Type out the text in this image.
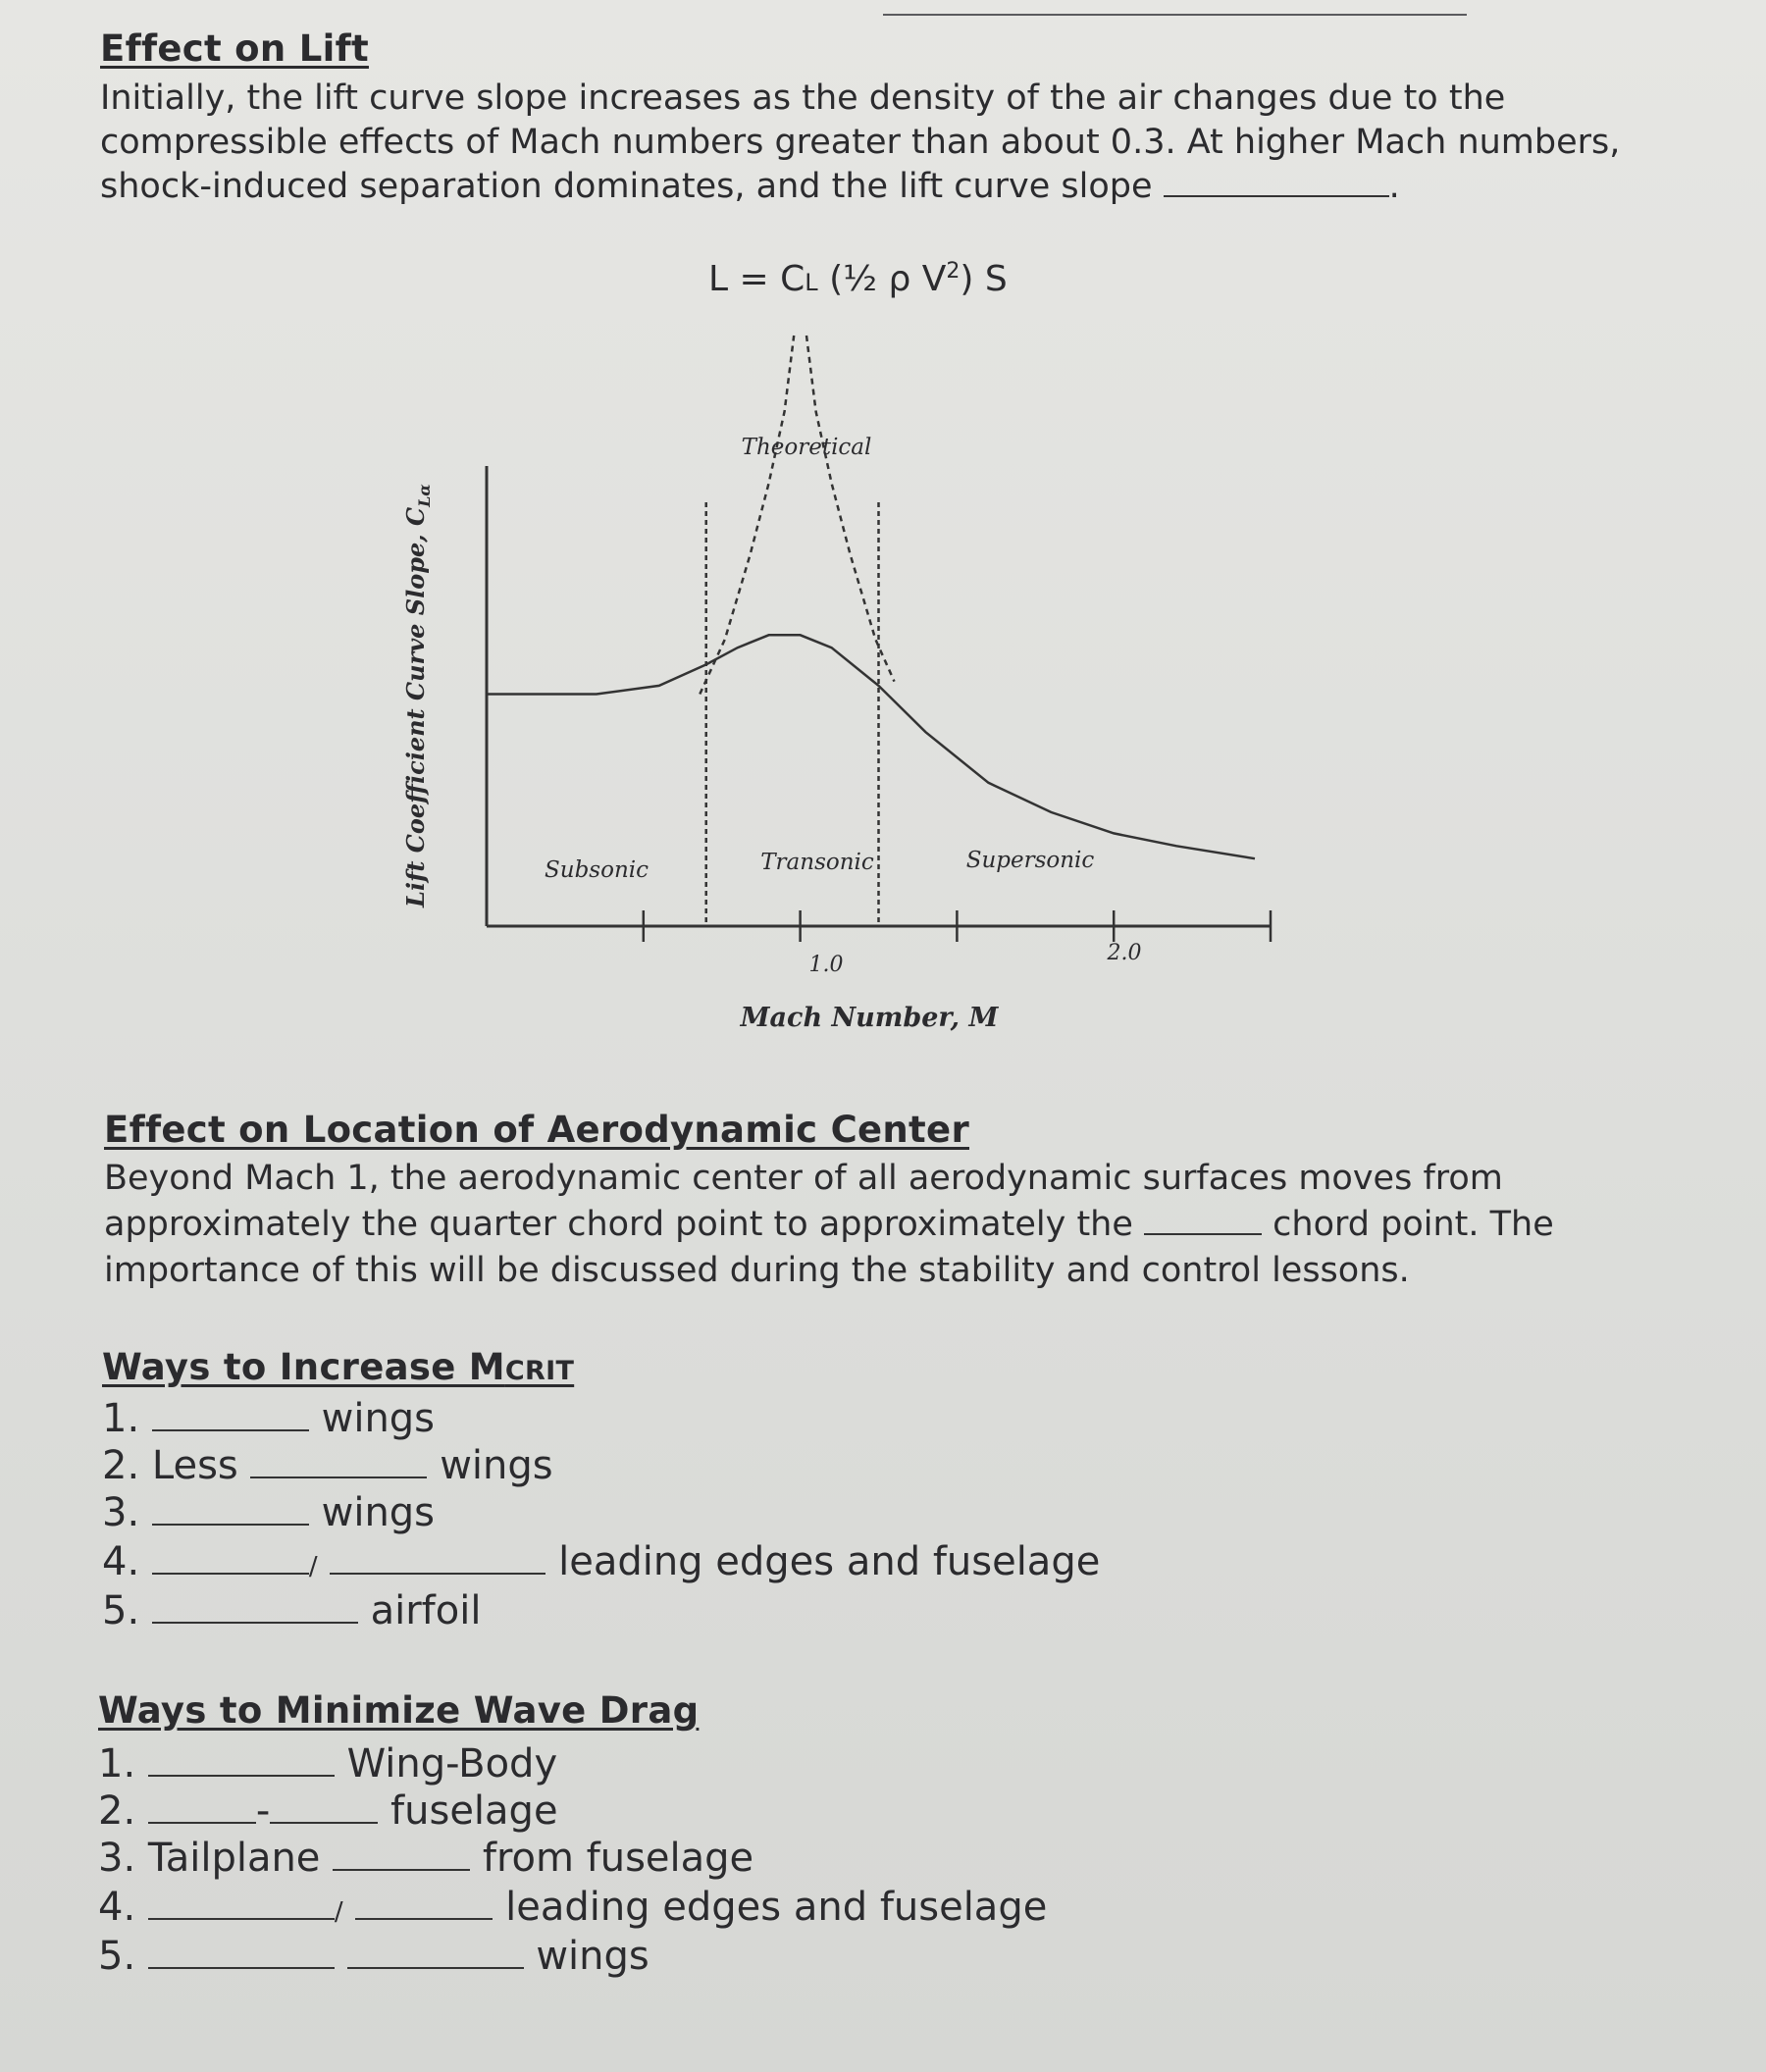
Effect on Lift

Initially, the lift curve slope increases as the density of the air changes due to the
compressible effects of Mach numbers greater than about 0.3. At higher Mach numbers,
shock-induced separation dominates, and the lift curve slope	.

L = CL (½ ρ $V^2$) S
Lift Coefficient Curve Slope, $C_{L\alpha}$
Mach Number, M
1.0	2.0
Subsonic	Transonic	Supersonic
Theoretical
Effect on Location of Aerodynamic Center

Beyond Mach 1, the aerodynamic center of all aerodynamic surfaces moves from
approximately the quarter chord point to approximately the	chord point. The
importance of this will be discussed during the stability and control lessons.

Ways to Increase MCRIT
1.	wings
2. Less	wings
3.	wings
4.	/	leading edges and fuselage
5.	airfoil
Ways to Minimize Wave Drag
1.	Wing-Body
2.	-	fuselage
3. Tailplane	from fuselage
4.	/	leading edges and fuselage
5.	wings
